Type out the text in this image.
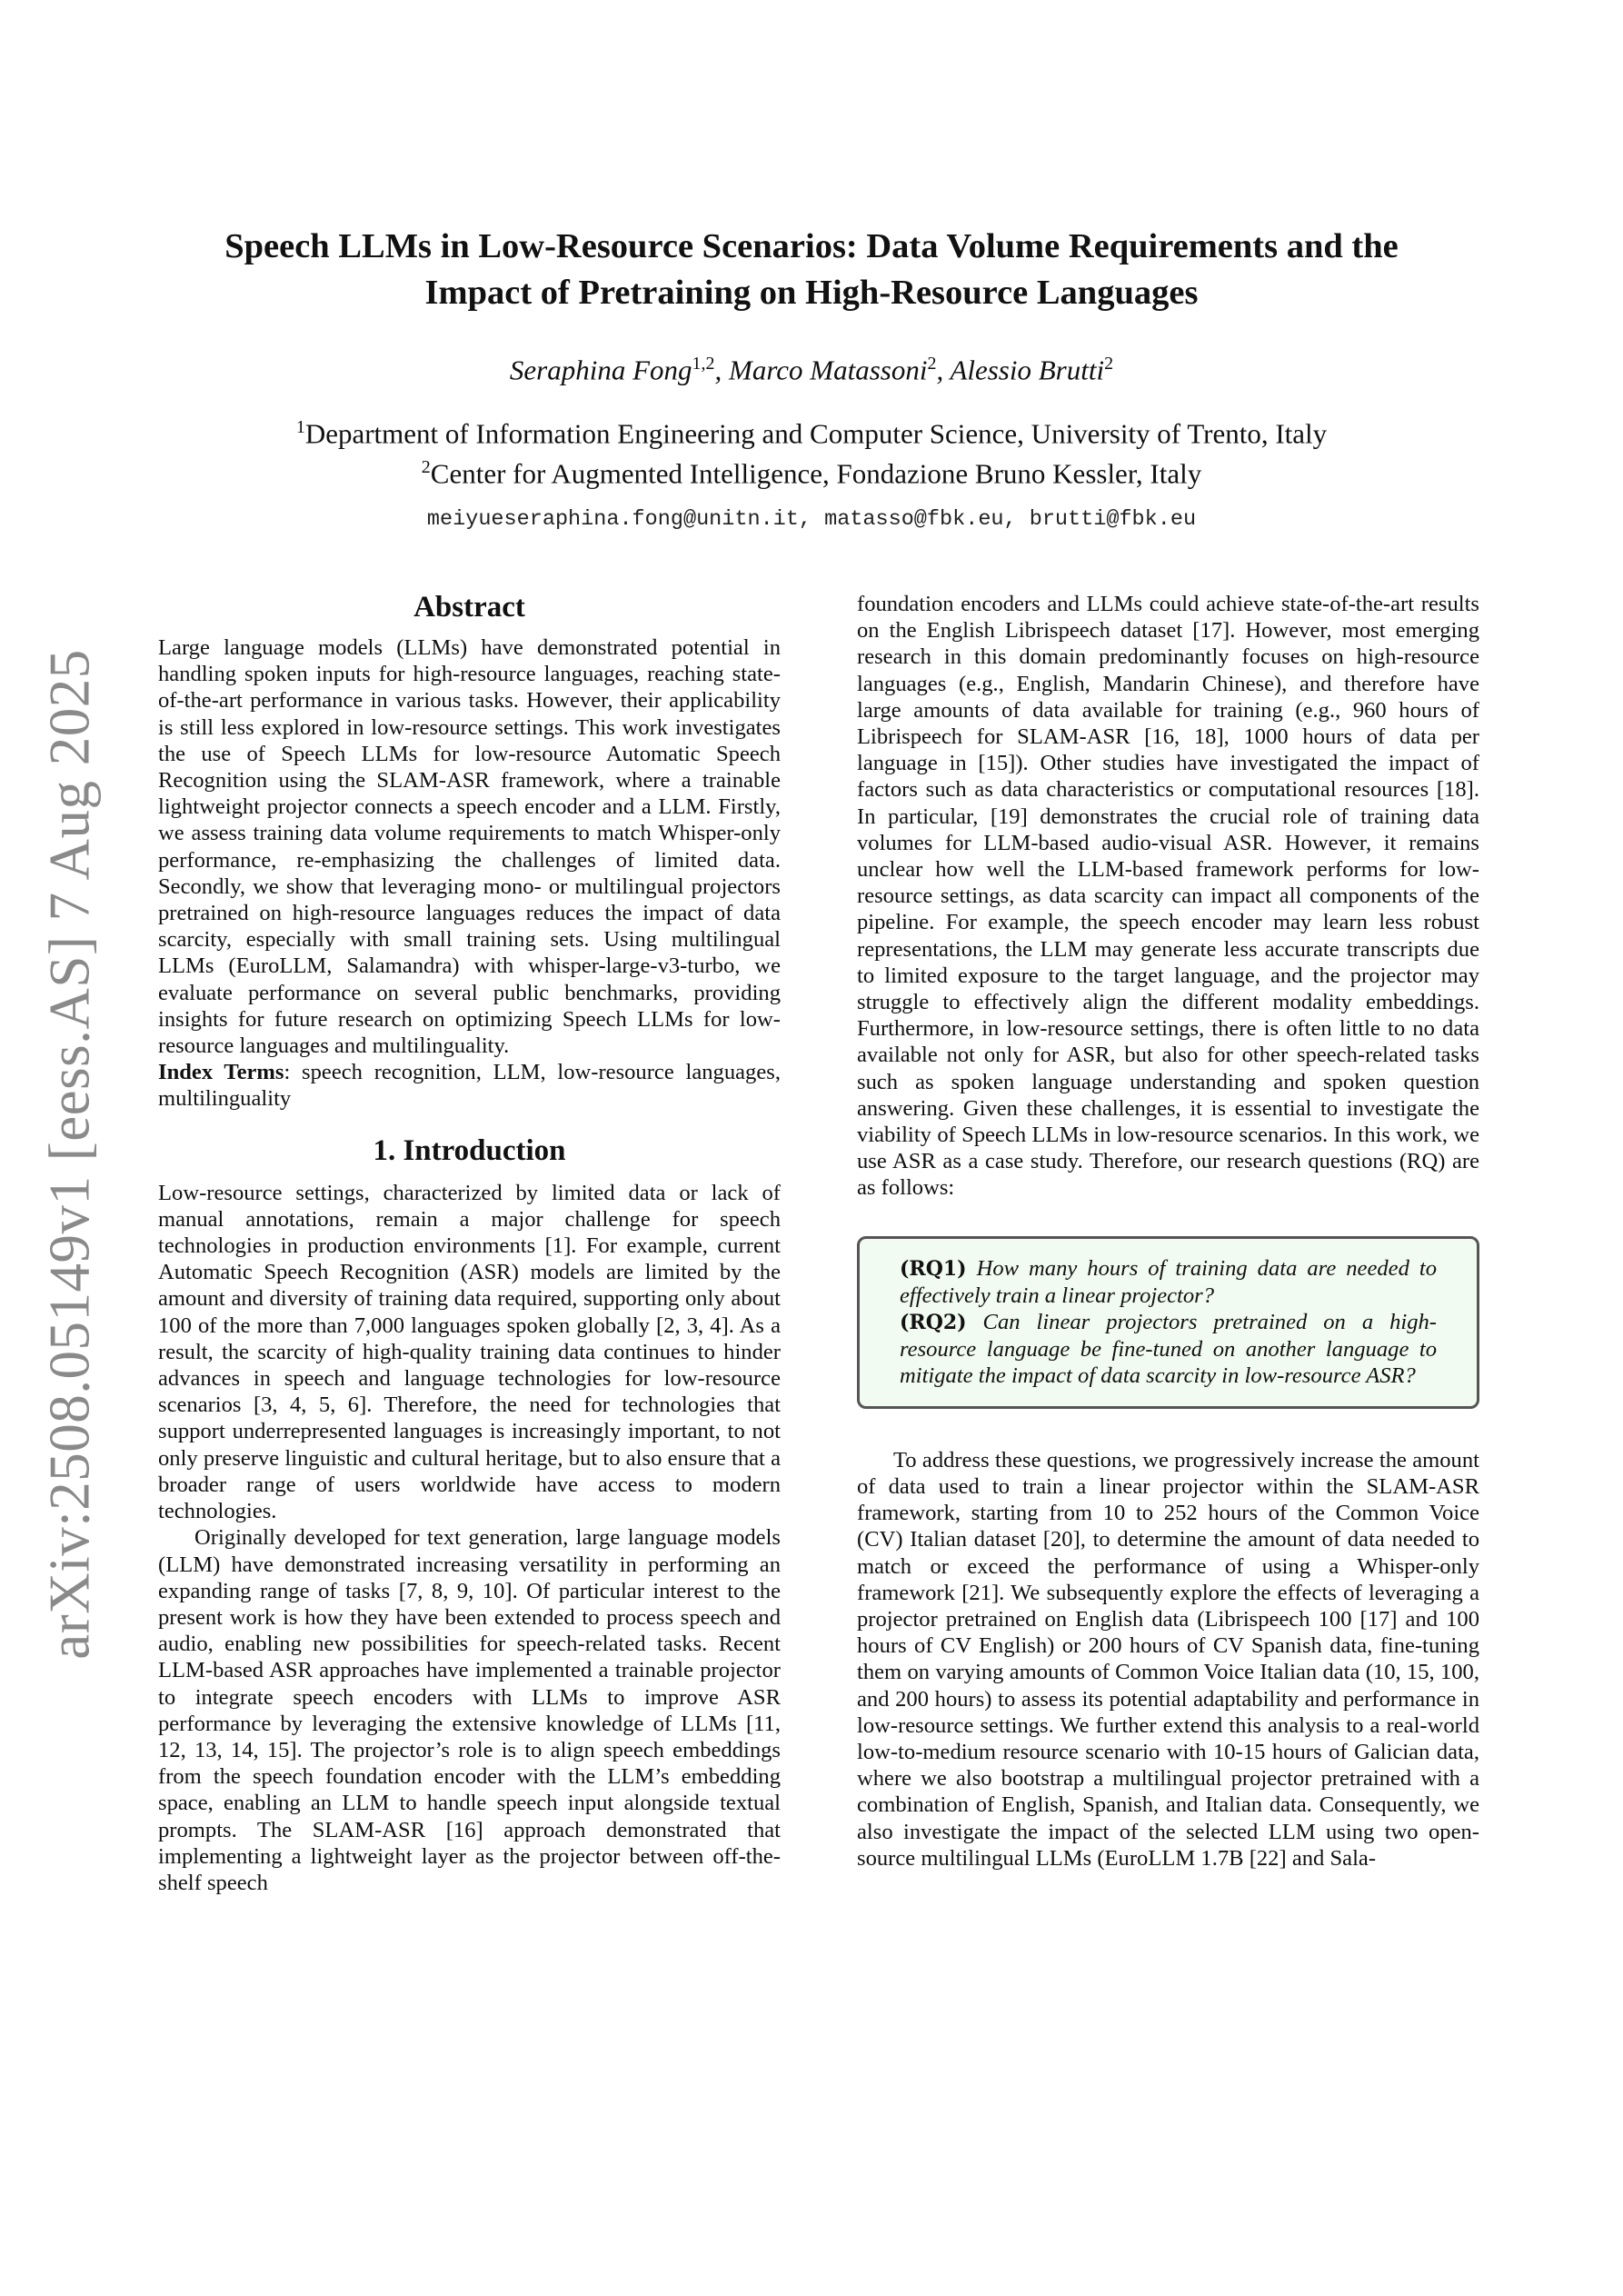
arXiv:2508.05149v1 [eess.AS] 7 Aug 2025
Speech LLMs in Low-Resource Scenarios: Data Volume Requirements and the
Impact of Pretraining on High-Resource Languages
Seraphina Fong$^{1,2}$, Marco Matassoni$^2$, Alessio Brutti$^2$
$^1$Department of Information Engineering and Computer Science, University of Trento, Italy
$^2$Center for Augmented Intelligence, Fondazione Bruno Kessler, Italy
meiyueseraphina.fong@unitn.it, matasso@fbk.eu, brutti@fbk.eu
Abstract

Large language models (LLMs) have demonstrated potential in handling spoken inputs for high-resource languages, reaching state-of-the-art performance in various tasks. However, their applicability is still less explored in low-resource settings. This work investigates the use of Speech LLMs for low-resource Automatic Speech Recognition using the SLAM-ASR framework, where a trainable lightweight projector connects a speech encoder and a LLM. Firstly, we assess training data volume requirements to match Whisper-only performance, re-emphasizing the challenges of limited data. Secondly, we show that leveraging mono- or multilingual projectors pretrained on high-resource languages reduces the impact of data scarcity, especially with small training sets. Using multilingual LLMs (EuroLLM, Salamandra) with whisper-large-v3-turbo, we evaluate performance on several public benchmarks, providing insights for future research on optimizing Speech LLMs for low-resource languages and multilinguality.

Index Terms: speech recognition, LLM, low-resource languages, multilinguality

1. Introduction

Low-resource settings, characterized by limited data or lack of manual annotations, remain a major challenge for speech technologies in production environments [1]. For example, current Automatic Speech Recognition (ASR) models are limited by the amount and diversity of training data required, supporting only about 100 of the more than 7,000 languages spoken globally [2, 3, 4]. As a result, the scarcity of high-quality training data continues to hinder advances in speech and language technologies for low-resource scenarios [3, 4, 5, 6]. Therefore, the need for technologies that support underrepresented languages is increasingly important, to not only preserve linguistic and cultural heritage, but to also ensure that a broader range of users worldwide have access to modern technologies.

Originally developed for text generation, large language models (LLM) have demonstrated increasing versatility in performing an expanding range of tasks [7, 8, 9, 10]. Of particular interest to the present work is how they have been extended to process speech and audio, enabling new possibilities for speech-related tasks. Recent LLM-based ASR approaches have implemented a trainable projector to integrate speech encoders with LLMs to improve ASR performance by leveraging the extensive knowledge of LLMs [11, 12, 13, 14, 15]. The projector’s role is to align speech embeddings from the speech foundation encoder with the LLM’s embedding space, enabling an LLM to handle speech input alongside textual prompts. The SLAM-ASR [16] approach demonstrated that implementing a lightweight layer as the projector between off-the-shelf speech

foundation encoders and LLMs could achieve state-of-the-art results on the English Librispeech dataset [17]. However, most emerging research in this domain predominantly focuses on high-resource languages (e.g., English, Mandarin Chinese), and therefore have large amounts of data available for training (e.g., 960 hours of Librispeech for SLAM-ASR [16, 18], 1000 hours of data per language in [15]). Other studies have investigated the impact of factors such as data characteristics or computational resources [18]. In particular, [19] demonstrates the crucial role of training data volumes for LLM-based audio-visual ASR. However, it remains unclear how well the LLM-based framework performs for low-resource settings, as data scarcity can impact all components of the pipeline. For example, the speech encoder may learn less robust representations, the LLM may generate less accurate transcripts due to limited exposure to the target language, and the projector may struggle to effectively align the different modality embeddings. Furthermore, in low-resource settings, there is often little to no data available not only for ASR, but also for other speech-related tasks such as spoken language understanding and spoken question answering. Given these challenges, it is essential to investigate the viability of Speech LLMs in low-resource scenarios. In this work, we use ASR as a case study. Therefore, our research questions (RQ) are as follows:

(RQ1) How many hours of training data are needed to effectively train a linear projector?

(RQ2) Can linear projectors pretrained on a high-resource language be fine-tuned on another language to mitigate the impact of data scarcity in low-resource ASR?

To address these questions, we progressively increase the amount of data used to train a linear projector within the SLAM-ASR framework, starting from 10 to 252 hours of the Common Voice (CV) Italian dataset [20], to determine the amount of data needed to match or exceed the performance of using a Whisper-only framework [21]. We subsequently explore the effects of leveraging a projector pretrained on English data (Librispeech 100 [17] and 100 hours of CV English) or 200 hours of CV Spanish data, fine-tuning them on varying amounts of Common Voice Italian data (10, 15, 100, and 200 hours) to assess its potential adaptability and performance in low-resource settings. We further extend this analysis to a real-world low-to-medium resource scenario with 10-15 hours of Galician data, where we also bootstrap a multilingual projector pretrained with a combination of English, Spanish, and Italian data. Consequently, we also investigate the impact of the selected LLM using two open-source multilingual LLMs (EuroLLM 1.7B [22] and Sala-
